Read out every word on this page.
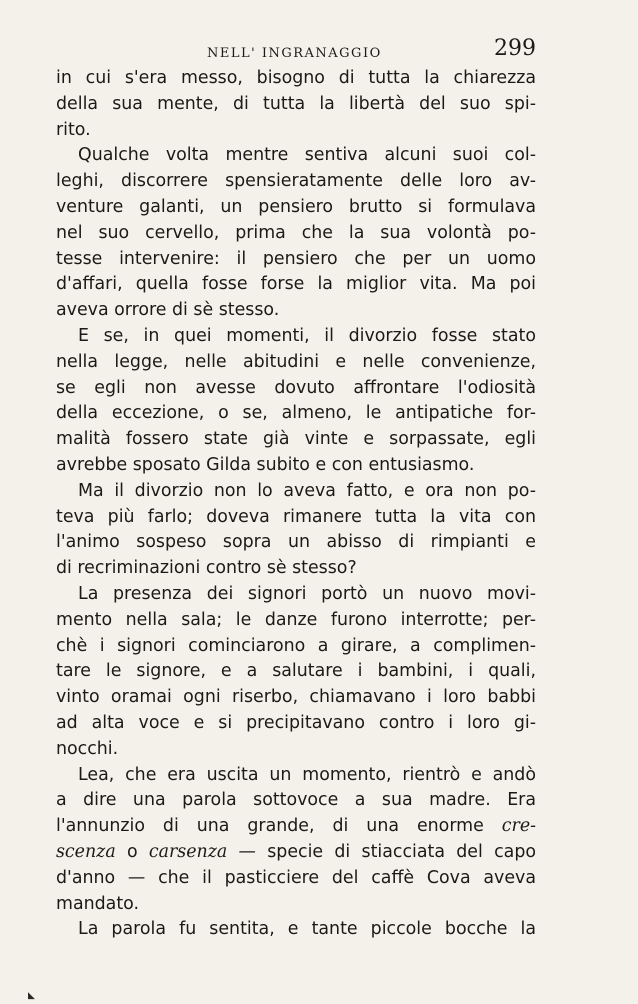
NELL' INGRANAGGIO	299
in cui s'era messo, bisogno di tutta la chiarezza
della sua mente, di tutta la libertà del suo spi-
rito.
Qualche volta mentre sentiva alcuni suoi col-
leghi, discorrere spensieratamente delle loro av-
venture galanti, un pensiero brutto si formulava
nel suo cervello, prima che la sua volontà po-
tesse intervenire: il pensiero che per un uomo
d'affari, quella fosse forse la miglior vita. Ma poi
aveva orrore di sè stesso.
E se, in quei momenti, il divorzio fosse stato
nella legge, nelle abitudini e nelle convenienze,
se egli non avesse dovuto affrontare l'odiosità
della eccezione, o se, almeno, le antipatiche for-
malità fossero state già vinte e sorpassate, egli
avrebbe sposato Gilda subito e con entusiasmo.
Ma il divorzio non lo aveva fatto, e ora non po-
teva più farlo; doveva rimanere tutta la vita con
l'animo sospeso sopra un abisso di rimpianti e
di recriminazioni contro sè stesso?
La presenza dei signori portò un nuovo movi-
mento nella sala; le danze furono interrotte; per-
chè i signori cominciarono a girare, a complimen-
tare le signore, e a salutare i bambini, i quali,
vinto oramai ogni riserbo, chiamavano i loro babbi
ad alta voce e si precipitavano contro i loro gi-
nocchi.
Lea, che era uscita un momento, rientrò e andò
a dire una parola sottovoce a sua madre. Era
l'annunzio di una grande, di una enorme cre-
scenza o carsenza — specie di stiacciata del capo
d'anno — che il pasticciere del caffè Cova aveva
mandato.
La parola fu sentita, e tante piccole bocche la
◣
